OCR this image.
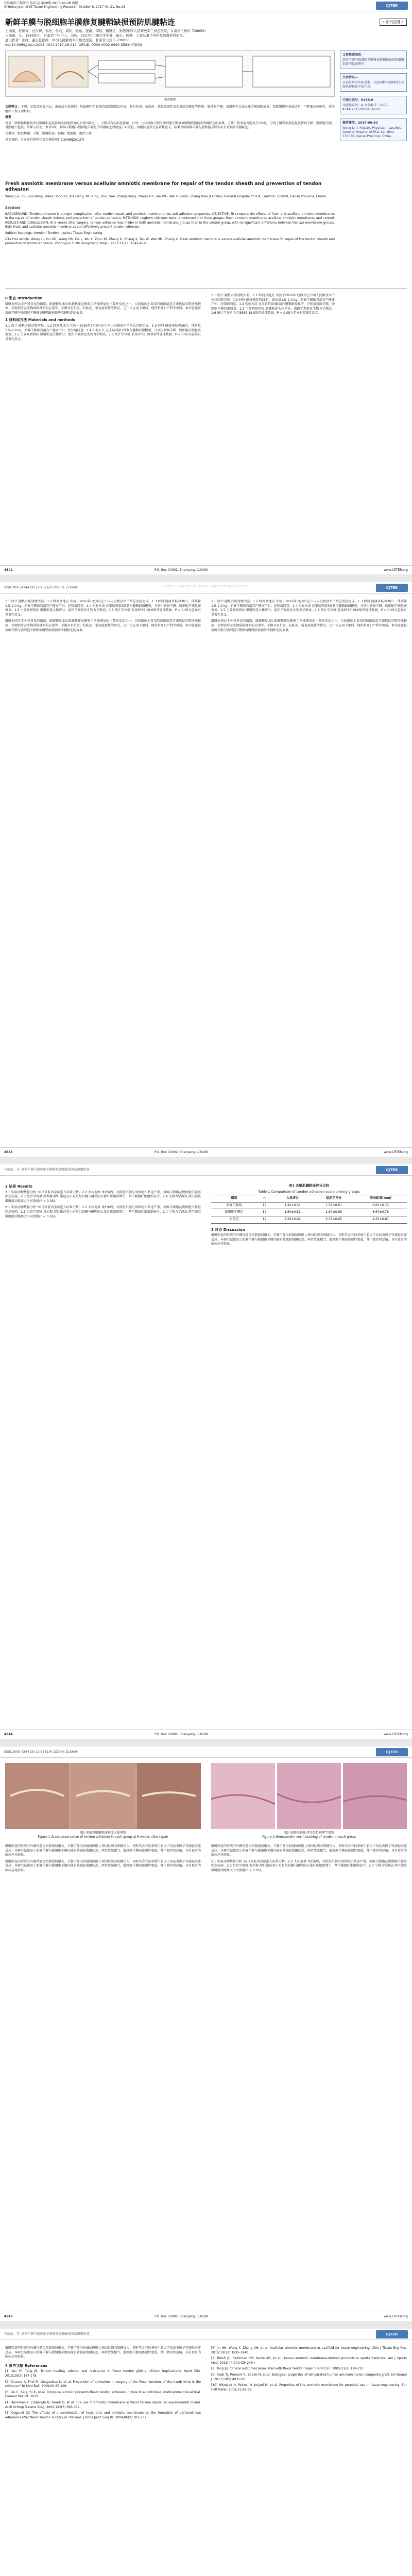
中国组织工程研究 第21卷 第28期 2017–10–08 出版
Chinese Journal of Tissue Engineering Research October 8, 2017 Vol.21, No.28	CJTER
新鲜羊膜与脱细胞羊膜修复腱鞘缺损预防肌腱粘连	• 研究原著 •
王丽丽，杜国栋，汪洪博，谢亮，吴兴，周伟，张东，张新，谭伟，魏惠民，张晓(中国人民解放军兰州总医院，甘肃省兰州市 730050)
王丽丽，女，1989年生，甘肃省兰州市人，汉族，2017年兰州大学毕业，硕士，医师，主要从事手外科及显微外科研究。
通讯作者：张晓，副主任医师，中国人民解放军兰州总医院，甘肃省兰州市 730050
doi:10.3969/j.issn.2095-4344.2017.28.012 ORCID: 0000-0002-0940-3581(王丽丽)
图表摘要

文题释义：羊膜：是胎盘的最内层，由单层上皮细胞、基底膜和无血管的结缔组织层构成，具有抗炎、抗粘连、低免疫原性及促进组织修复等作用。脱细胞羊膜：采用理化方法去除羊膜细胞成分，保留细胞外基质结构，可降低免疫原性，作为组织工程支架材料。

摘要

背景：肌腱损伤修复术后肌腱粘连是影响手功能恢复的主要因素之一，羊膜具有抗粘连作用。目的：比较新鲜羊膜与脱细胞羊膜修复腱鞘缺损预防肌腱粘连的效果。方法：将来航鸡随机分为3组，分别于腱鞘缺损处包裹新鲜羊膜、脱细胞羊膜，对照组不包裹。结果与结论：术后6周，新鲜羊膜组与脱细胞羊膜组的肌腱粘连程度轻于对照组，两组间差异无显著性意义。结果表明新鲜羊膜与脱细胞羊膜均可有效预防肌腱粘连。

关键词：组织构建；羊膜；肌腱粘连；腱鞘；脱细胞；组织工程

基金资助：甘肃省自然科学基金资助项目(1606RJZA137)

Fresh amniotic membrane versus acellular amniotic membrane for repair of the tendon sheath and prevention of tendon adhesion
Wang Li-li, Du Guo-dong, Wang Hong-bo, Xie Liang, Wu Xing, Zhou Wei, Zhang Dong, Zhang Xin, Tan Wei, Wei Hui-min, Zhang Xiao (Lanzhou General Hospital of PLA, Lanzhou 730050, Gansu Province, China)

Abstract

BACKGROUND: Tendon adhesion is a major complication after tendon repair, and amniotic membrane has anti-adhesion properties. OBJECTIVE: To compare the effects of fresh and acellular amniotic membranes in the repair of tendon sheath defects and prevention of tendon adhesion. METHODS: Leghorn chickens were randomized into three groups: fresh amniotic membrane, acellular amniotic membrane, and control. RESULTS AND CONCLUSION: At 6 weeks after surgery, tendon adhesion was milder in both amniotic membrane groups than in the control group, with no significant difference between the two membrane groups. Both fresh and acellular amniotic membranes can effectively prevent tendon adhesion.

Subject headings: Amnion; Tendon Injuries; Tissue Engineering

Cite this article: Wang LL, Du GD, Wang HB, Xie L, Wu X, Zhou W, Zhang D, Zhang X, Tan W, Wei HM, Zhang X. Fresh amniotic membrane versus acellular amniotic membrane for repair of the tendon sheath and prevention of tendon adhesion. Zhongguo Zuzhi Gongcheng Yanjiu. 2017;21(28):4542-4546.

0 引言 Introduction

肌腱损伤是手外科常见的损伤，肌腱修复术后肌腱粘连是影响手功能恢复的主要并发症之一。目前临床上常用的预防粘连方法包括早期功能锻炼、药物治疗及生物屏障材料的应用等。羊膜具有抗炎、抗粘连、低免疫原性等特点，已广泛应用于眼科、烧伤科及妇产科等领域。本实验比较新鲜羊膜与脱细胞羊膜修复腱鞘缺损预防肌腱粘连的效果。

1 材料和方法 Materials and methods

1.1 设计 随机对照动物实验。1.2 时间及地点 实验于2016年3至9月在中国人民解放军兰州总医院完成。1.3 材料 健康来航鸡36只，体质量1.5–2.0 kg。新鲜羊膜取自剖宫产健康产妇，经知情同意。1.4 实验方法 在来航鸡第3趾制作腱鞘缺损模型，分别用新鲜羊膜、脱细胞羊膜包裹修复。1.5 主要观察指标 肌腱粘连大体评分、组织学观察及生物力学测试。1.6 统计学分析 采用SPSS 19.0软件处理数据，P < 0.05为差异有显著性意义。

1.1 设计 随机对照动物实验。1.2 时间及地点 实验于2016年3至9月在中国人民解放军兰州总医院完成。1.3 材料 健康来航鸡36只，体质量1.5–2.0 kg。新鲜羊膜取自剖宫产健康产妇，经知情同意。1.4 实验方法 在来航鸡第3趾制作腱鞘缺损模型，分别用新鲜羊膜、脱细胞羊膜包裹修复。1.5 主要观察指标 肌腱粘连大体评分、组织学观察及生物力学测试。1.6 统计学分析 采用SPSS 19.0软件处理数据，P < 0.05为差异有显著性意义。

文章快速阅读：
新鲜羊膜与脱细胞羊膜修复腱鞘缺损预防肌腱粘连的比较研究
文章特点—
以来航鸡为实验对象，比较两种羊膜材料在预防肌腱粘连中的作用。
中图分类号：R459.9
文献标识码：A 文章编号：2095-4344(2017)28-04542-05
稿件接受：2017-06-30
Wang Li-li, Master, Physician, Lanzhou General Hospital of PLA, Lanzhou 730050, Gansu Province, China
4542	P.O. Box 10002, Shenyang 110180	www.CRTER.org
ISSN 2095-4344 CN 21-1581/R CODEN: ZLKHAH	CJTER
Chinese Journal of Tissue Engineering Research

1.1 设计 随机对照动物实验。1.2 时间及地点 实验于2016年3至9月在中国人民解放军兰州总医院完成。1.3 材料 健康来航鸡36只，体质量1.5–2.0 kg。新鲜羊膜取自剖宫产健康产妇，经知情同意。1.4 实验方法 在来航鸡第3趾制作腱鞘缺损模型，分别用新鲜羊膜、脱细胞羊膜包裹修复。1.5 主要观察指标 肌腱粘连大体评分、组织学观察及生物力学测试。1.6 统计学分析 采用SPSS 19.0软件处理数据，P < 0.05为差异有显著性意义。

肌腱损伤是手外科常见的损伤，肌腱修复术后肌腱粘连是影响手功能恢复的主要并发症之一。目前临床上常用的预防粘连方法包括早期功能锻炼、药物治疗及生物屏障材料的应用等。羊膜具有抗炎、抗粘连、低免疫原性等特点，已广泛应用于眼科、烧伤科及妇产科等领域。本实验比较新鲜羊膜与脱细胞羊膜修复腱鞘缺损预防肌腱粘连的效果。

1.1 设计 随机对照动物实验。1.2 时间及地点 实验于2016年3至9月在中国人民解放军兰州总医院完成。1.3 材料 健康来航鸡36只，体质量1.5–2.0 kg。新鲜羊膜取自剖宫产健康产妇，经知情同意。1.4 实验方法 在来航鸡第3趾制作腱鞘缺损模型，分别用新鲜羊膜、脱细胞羊膜包裹修复。1.5 主要观察指标 肌腱粘连大体评分、组织学观察及生物力学测试。1.6 统计学分析 采用SPSS 19.0软件处理数据，P < 0.05为差异有显著性意义。

肌腱损伤是手外科常见的损伤，肌腱修复术后肌腱粘连是影响手功能恢复的主要并发症之一。目前临床上常用的预防粘连方法包括早期功能锻炼、药物治疗及生物屏障材料的应用等。羊膜具有抗炎、抗粘连、低免疫原性等特点，已广泛应用于眼科、烧伤科及妇产科等领域。本实验比较新鲜羊膜与脱细胞羊膜修复腱鞘缺损预防肌腱粘连的效果。

4543	P.O. Box 10002, Shenyang 110180	www.CRTER.org
王丽丽，等. 新鲜羊膜与脱细胞羊膜修复腱鞘缺损预防肌腱粘连	CJTER
2 结果 Results

2.1 实验动物数量分析 36只来航鸡全部进入结果分析。2.2 大体观察 术后6周，对照组肌腱与周围组织粘连严重，新鲜羊膜组及脱细胞羊膜组粘连较轻。2.3 组织学观察 苏木精-伊红染色显示对照组肌腱与腱鞘间大量纤维组织增生，两羊膜组纤维组织较少。2.4 生物力学测试 两羊膜组肌腱滑动距离大于对照组(P < 0.05)。

2.1 实验动物数量分析 36只来航鸡全部进入结果分析。2.2 大体观察 术后6周，对照组肌腱与周围组织粘连严重，新鲜羊膜组及脱细胞羊膜组粘连较轻。2.3 组织学观察 苏木精-伊红染色显示对照组肌腱与腱鞘间大量纤维组织增生，两羊膜组纤维组织较少。2.4 生物力学测试 两羊膜组肌腱滑动距离大于对照组(P < 0.05)。

表1 各组肌腱粘连评分比较
Table 1 Comparison of tendon adhesion score among groups
组别	n	大体评分	组织学评分	滑动距离(mm)
新鲜羊膜组	12	1.42±0.51	1.58±0.67	6.83±0.72
脱细胞羊膜组	12	1.50±0.52	1.67±0.65	6.67±0.78
对照组	12	3.25±0.62	3.33±0.65	4.25±0.87
3 讨论 Discussion

肌腱粘连的形成与外源性愈合机制密切相关。羊膜可作为机械屏障阻止周围组织向肌腱长入，同时其含有的多种生长因子及抗炎因子可减轻炎症反应。本研究结果显示新鲜羊膜与脱细胞羊膜均能有效减轻肌腱粘连，两者效果相当。脱细胞羊膜免疫原性更低，便于储存和运输，具有更好的临床应用前景。

4544	P.O. Box 10002, Shenyang 110180	www.CRTER.org
ISSN 2095-4344 CN 21-1581/R CODEN: ZLKHAH	CJTER
图1 来航鸡肌腱粘连程度大体观察
Figure 1 Gross observation of tendon adhesion in each group at 6 weeks after repair
图2 各组苏木精-伊红染色病理学观察
Figure 2 Hematoxylin-eosin staining of tendon in each group

肌腱粘连的形成与外源性愈合机制密切相关。羊膜可作为机械屏障阻止周围组织向肌腱长入，同时其含有的多种生长因子及抗炎因子可减轻炎症反应。本研究结果显示新鲜羊膜与脱细胞羊膜均能有效减轻肌腱粘连，两者效果相当。脱细胞羊膜免疫原性更低，便于储存和运输，具有更好的临床应用前景。

肌腱粘连的形成与外源性愈合机制密切相关。羊膜可作为机械屏障阻止周围组织向肌腱长入，同时其含有的多种生长因子及抗炎因子可减轻炎症反应。本研究结果显示新鲜羊膜与脱细胞羊膜均能有效减轻肌腱粘连，两者效果相当。脱细胞羊膜免疫原性更低，便于储存和运输，具有更好的临床应用前景。

肌腱粘连的形成与外源性愈合机制密切相关。羊膜可作为机械屏障阻止周围组织向肌腱长入，同时其含有的多种生长因子及抗炎因子可减轻炎症反应。本研究结果显示新鲜羊膜与脱细胞羊膜均能有效减轻肌腱粘连，两者效果相当。脱细胞羊膜免疫原性更低，便于储存和运输，具有更好的临床应用前景。

2.1 实验动物数量分析 36只来航鸡全部进入结果分析。2.2 大体观察 术后6周，对照组肌腱与周围组织粘连严重，新鲜羊膜组及脱细胞羊膜组粘连较轻。2.3 组织学观察 苏木精-伊红染色显示对照组肌腱与腱鞘间大量纤维组织增生，两羊膜组纤维组织较少。2.4 生物力学测试 两羊膜组肌腱滑动距离大于对照组(P < 0.05)。

4545	P.O. Box 10002, Shenyang 110180	www.CRTER.org
王丽丽，等. 新鲜羊膜与脱细胞羊膜修复腱鞘缺损预防肌腱粘连	CJTER

肌腱粘连的形成与外源性愈合机制密切相关。羊膜可作为机械屏障阻止周围组织向肌腱长入，同时其含有的多种生长因子及抗炎因子可减轻炎症反应。本研究结果显示新鲜羊膜与脱细胞羊膜均能有效减轻肌腱粘连，两者效果相当。脱细胞羊膜免疫原性更低，便于储存和运输，具有更好的临床应用前景。

4 参考文献 References
[1] Wu YF, Tang JB. Tendon healing, edema, and resistance to flexor tendon gliding: clinical implications. Hand Clin. 2013;29(2):167-178.
[2] Khanna A, Friel M, Gougoulias N, et al. Prevention of adhesions in surgery of the flexor tendons of the hand: what is the evidence? Br Med Bull. 2009;90:85-109.
[3] Liu C, Bai J, Yu K, et al. Biological amnion prevents flexor tendon adhesion in zone II: a controlled, multicentre clinical trial. Biomed Res Int. 2019.
[4] Demirkan F, Colakoglu N, Herek O, et al. The use of amniotic membrane in flexor tendon repair: an experimental model. Arch Orthop Trauma Surg. 2002;122(7):396-399.
[5] Ozgenel GY. The effects of a combination of hyaluronic and amniotic membrane on the formation of peritendinous adhesions after flexor tendon surgery in chickens. J Bone Joint Surg Br. 2004;86(2):301-307.
[6] Jin HH, Wang Y, Zhang XH, et al. Acellular amniotic membrane as scaffold for tissue engineering. Chin J Tissue Eng Res. 2015;19(12):1935-1940.
[7] Riboh JC, Saltzman BM, Yanke AB, et al. Human amniotic membrane-derived products in sports medicine. Am J Sports Med. 2016;44(9):2425-2434.
[8] Tang JB. Clinical outcomes associated with flexor tendon repair. Hand Clin. 2005;21(2):199-210.
[9] Koob TJ, Rennert R, Zabek N, et al. Biological properties of dehydrated human amnion/chorion composite graft. Int Wound J. 2013;10(5):493-500.
[10] Niknejad H, Peirovi H, Jorjani M, et al. Properties of the amniotic membrane for potential use in tissue engineering. Eur Cell Mater. 2008;15:88-99.
